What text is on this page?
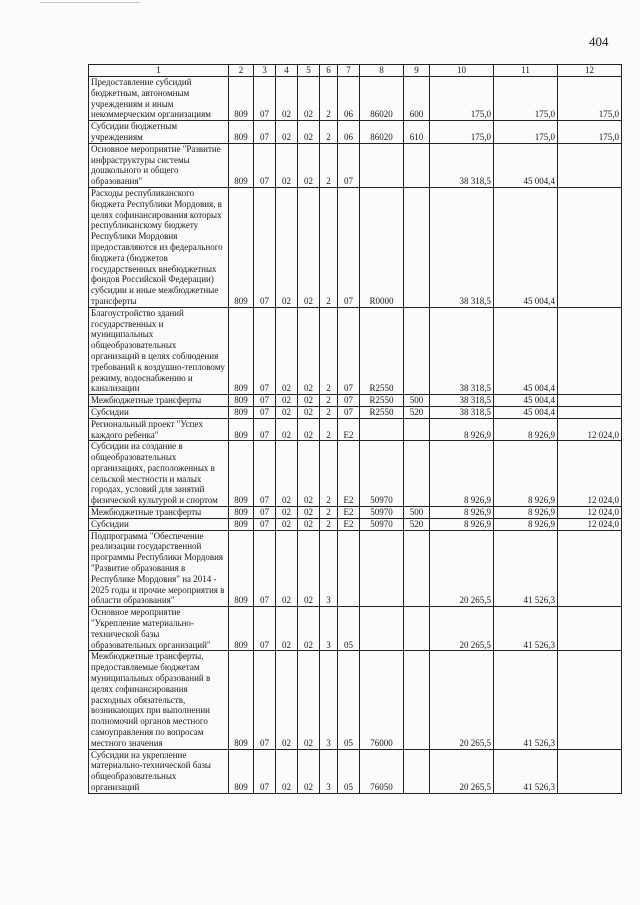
404
1	2	3	4	5	6	7	8	9	10	11	12
Предоставление субсидий бюджетным, автономным учреждениям и иным некоммерческим организациям	809	07	02	02	2	06	86020	600	175,0	175,0	175,0
Субсидии бюджетным учреждениям	809	07	02	02	2	06	86020	610	175,0	175,0	175,0
Основное мероприятие "Развитие инфраструктуры системы дошкольного и общего образования"	809	07	02	02	2	07			38 318,5	45 004,4	
Расходы республиканского бюджета Республики Мордовия, в целях софинансирования которых республиканскому бюджету Республики Мордовия предоставляются из федерального бюджета (бюджетов государственных внебюджетных фондов Российской Федерации) субсидии и иные межбюджетные трансферты	809	07	02	02	2	07	R0000		38 318,5	45 004,4	
Благоустройство зданий государственных и муниципальных общеобразовательных организаций в целях соблюдения требований к воздушно-тепловому режиму, водоснабжению и канализации	809	07	02	02	2	07	R2550		38 318,5	45 004,4	
Межбюджетные трансферты	809	07	02	02	2	07	R2550	500	38 318,5	45 004,4	
Субсидии	809	07	02	02	2	07	R2550	520	38 318,5	45 004,4	
Региональный проект "Успех каждого ребенка"	809	07	02	02	2	E2			8 926,9	8 926,9	12 024,0
Субсидии на создание в общеобразовательных организациях, расположенных в сельской местности и малых городах, условий для занятий физической культурой и спортом	809	07	02	02	2	E2	50970		8 926,9	8 926,9	12 024,0
Межбюджетные трансферты	809	07	02	02	2	E2	50970	500	8 926,9	8 926,9	12 024,0
Субсидии	809	07	02	02	2	E2	50970	520	8 926,9	8 926,9	12 024,0
Подпрограмма "Обеспечение реализации государственной программы Республики Мордовия "Развитие образования в Республике Мордовия" на 2014 - 2025 годы и прочие мероприятия в области образования"	809	07	02	02	3				20 265,5	41 526,3	
Основное мероприятие "Укрепление материально-технической базы образовательных организаций"	809	07	02	02	3	05			20 265,5	41 526,3	
Межбюджетные трансферты, предоставляемые бюджетам муниципальных образований в целях софинансирования расходных обязательств, возникающих при выполнении полномочий органов местного самоуправления по вопросам местного значения	809	07	02	02	3	05	76000		20 265,5	41 526,3	
Субсидии на укрепление материально-технической базы общеобразовательных организаций	809	07	02	02	3	05	76050		20 265,5	41 526,3	
